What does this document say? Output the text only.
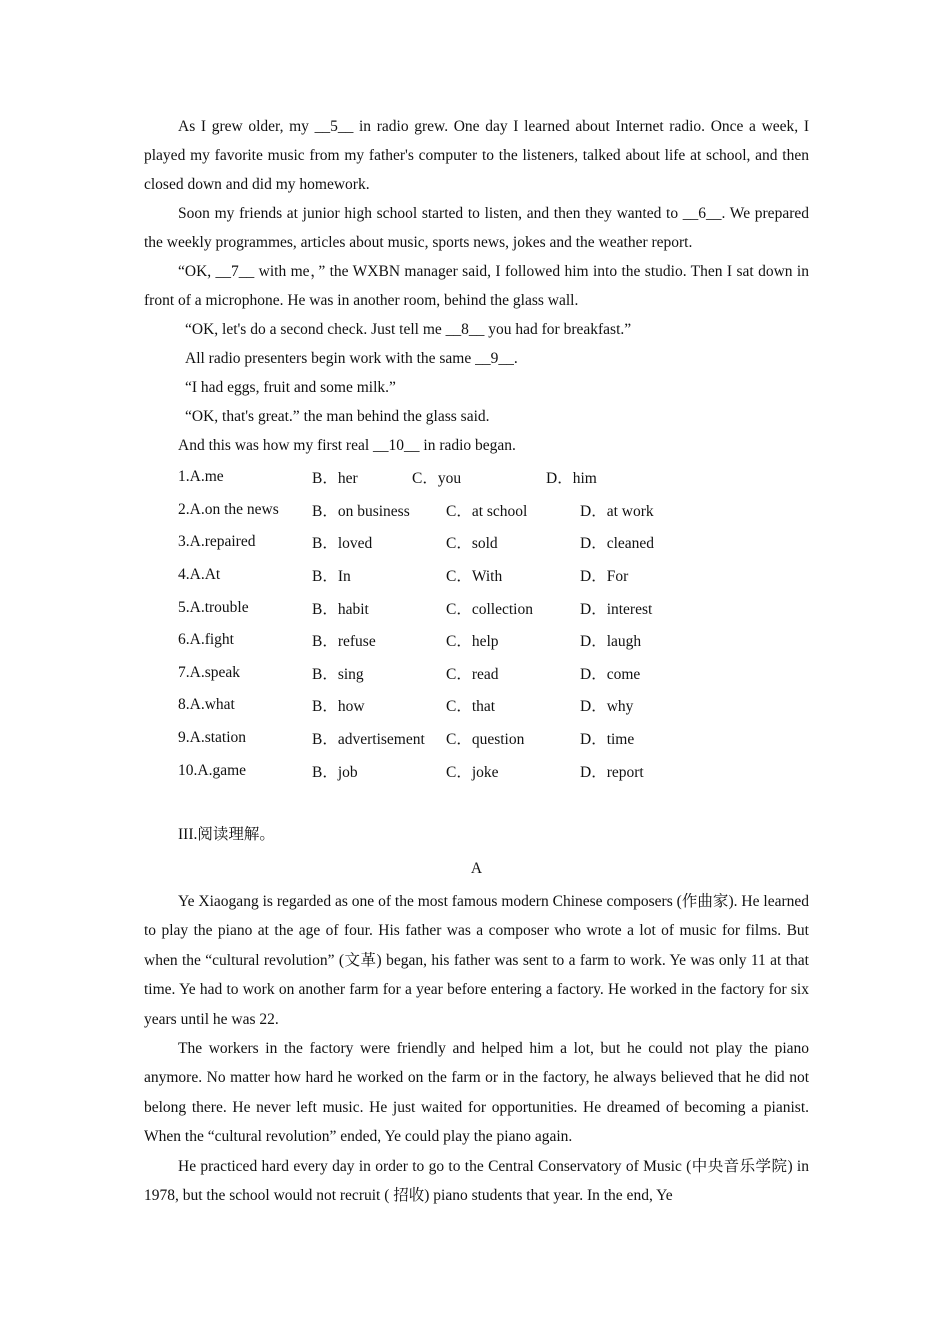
As I grew older, my __5__ in radio grew. One day I learned about Internet radio. Once a week, I played my favorite music from my father's computer to the listeners, talked about life at school, and then closed down and did my homework.

Soon my friends at junior high school started to listen, and then they wanted to __6__. We prepared the weekly programmes, articles about music, sports news, jokes and the weather report.

“OK, __7__ with me，” the WXBN manager said, I followed him into the studio. Then I sat down in front of a microphone. He was in another room, behind the glass wall.

“OK, let's do a second check. Just tell me __8__ you had for breakfast.”

All radio presenters begin work with the same __9__.

“I had eggs, fruit and some milk.”

“OK, that's great.” the man behind the glass said.

And this was how my first real __10__ in radio began.

1.A.me	B．her	C．you	D．him
2.A.on the news	B．on business	C．at school	D．at work
3.A.repaired	B．loved	C．sold	D．cleaned
4.A.At	B．In	C．With	D．For
5.A.trouble	B．habit	C．collection	D．interest
6.A.fight	B．refuse	C．help	D．laugh
7.A.speak	B．sing	C．read	D．come
8.A.what	B．how	C．that	D．why
9.A.station	B．advertisement	C．question	D．time
10.A.game	B．job	C．joke	D．report

III.阅读理解。

A

Ye Xiaogang is regarded as one of the most famous modern Chinese composers (作曲家). He learned to play the piano at the age of four. His father was a composer who wrote a lot of music for films. But when the “cultural revolution” (文革) began, his father was sent to a farm to work. Ye was only 11 at that time. Ye had to work on another farm for a year before entering a factory. He worked in the factory for six years until he was 22.

The workers in the factory were friendly and helped him a lot, but he could not play the piano anymore. No matter how hard he worked on the farm or in the factory, he always believed that he did not belong there. He never left music. He just waited for opportunities. He dreamed of becoming a pianist. When the “cultural revolution” ended, Ye could play the piano again.

He practiced hard every day in order to go to the Central Conservatory of Music (中央音乐学院) in 1978, but the school would not recruit ( 招收) piano students that year. In the end, Ye
